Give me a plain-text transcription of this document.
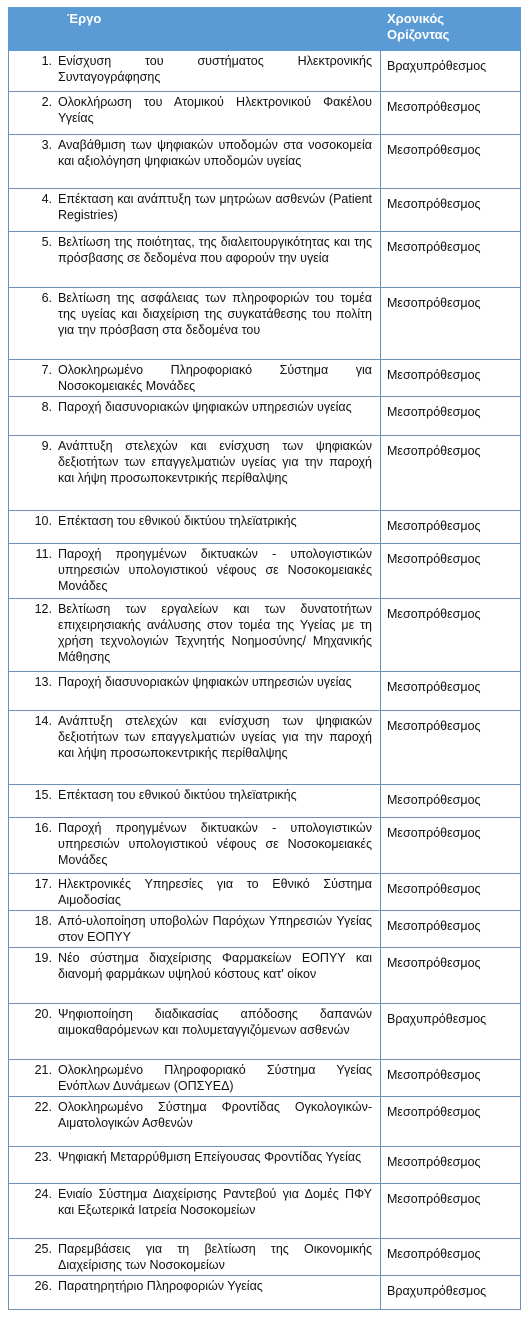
Έργο	Χρονικός
Ορίζοντας

1. Ενίσχυση του συστήματος Ηλεκτρονικής Συνταγογράφησης	Βραχυπρόθεσμος

2. Ολοκλήρωση του Ατομικού Ηλεκτρονικού Φακέλου Υγείας	Μεσοπρόθεσμος

3. Αναβάθμιση των ψηφιακών υποδομών στα νοσοκομεία και αξιολόγηση ψηφιακών υποδομών υγείας	Μεσοπρόθεσμος

4. Επέκταση και ανάπτυξη των μητρώων ασθενών (Patient Registries)	Μεσοπρόθεσμος

5. Βελτίωση της ποιότητας, της διαλειτουργικότητας και της πρόσβασης σε δεδομένα που αφορούν την υγεία	Μεσοπρόθεσμος

6. Βελτίωση της ασφάλειας των πληροφοριών του τομέα της υγείας και διαχείριση της συγκατάθεσης του πολίτη για την πρόσβαση στα δεδομένα του	Μεσοπρόθεσμος

7. Ολοκληρωμένο Πληροφοριακό Σύστημα για Νοσοκομειακές Μονάδες	Μεσοπρόθεσμος

8. Παροχή διασυνοριακών ψηφιακών υπηρεσιών υγείας	Μεσοπρόθεσμος

9. Ανάπτυξη στελεχών και ενίσχυση των ψηφιακών δεξιοτήτων των επαγγελματιών υγείας για την παροχή και λήψη προσωποκεντρικής περίθαλψης	Μεσοπρόθεσμος

10. Επέκταση του εθνικού δικτύου τηλεϊατρικής	Μεσοπρόθεσμος

11. Παροχή προηγμένων δικτυακών - υπολογιστικών υπηρεσιών υπολογιστικού νέφους σε Νοσοκομειακές Μονάδες	Μεσοπρόθεσμος

12. Βελτίωση των εργαλείων και των δυνατοτήτων επιχειρησιακής ανάλυσης στον τομέα της Υγείας με τη χρήση τεχνολογιών Τεχνητής Νοημοσύνης/ Μηχανικής Μάθησης	Μεσοπρόθεσμος

13. Παροχή διασυνοριακών ψηφιακών υπηρεσιών υγείας	Μεσοπρόθεσμος

14. Ανάπτυξη στελεχών και ενίσχυση των ψηφιακών δεξιοτήτων των επαγγελματιών υγείας για την παροχή και λήψη προσωποκεντρικής περίθαλψης	Μεσοπρόθεσμος

15. Επέκταση του εθνικού δικτύου τηλεϊατρικής	Μεσοπρόθεσμος

16. Παροχή προηγμένων δικτυακών - υπολογιστικών υπηρεσιών υπολογιστικού νέφους σε Νοσοκομειακές Μονάδες	Μεσοπρόθεσμος

17. Ηλεκτρονικές Υπηρεσίες για το Εθνικό Σύστημα Αιμοδοσίας	Μεσοπρόθεσμος

18. Από-υλοποίηση υποβολών Παρόχων Υπηρεσιών Υγείας στον ΕΟΠΥΥ	Μεσοπρόθεσμος

19. Νέο σύστημα διαχείρισης Φαρμακείων ΕΟΠΥΥ και διανομή φαρμάκων υψηλού κόστους κατ' οίκον	Μεσοπρόθεσμος

20. Ψηφιοποίηση διαδικασίας απόδοσης δαπανών αιμοκαθαρόμενων και πολυμεταγγιζόμενων ασθενών	Βραχυπρόθεσμος

21. Ολοκληρωμένο Πληροφοριακό Σύστημα Υγείας Ενόπλων Δυνάμεων (ΟΠΣΥΕΔ)	Μεσοπρόθεσμος

22. Ολοκληρωμένο Σύστημα Φροντίδας Ογκολογικών- Αιματολογικών Ασθενών	Μεσοπρόθεσμος

23. Ψηφιακή Μεταρρύθμιση Επείγουσας Φροντίδας Υγείας	Μεσοπρόθεσμος

24. Ενιαίο Σύστημα Διαχείρισης Ραντεβού για Δομές ΠΦΥ και Εξωτερικά Ιατρεία Νοσοκομείων	Μεσοπρόθεσμος

25. Παρεμβάσεις για τη βελτίωση της Οικονομικής Διαχείρισης των Νοσοκομείων	Μεσοπρόθεσμος

26. Παρατηρητήριο Πληροφοριών Υγείας	Βραχυπρόθεσμος
